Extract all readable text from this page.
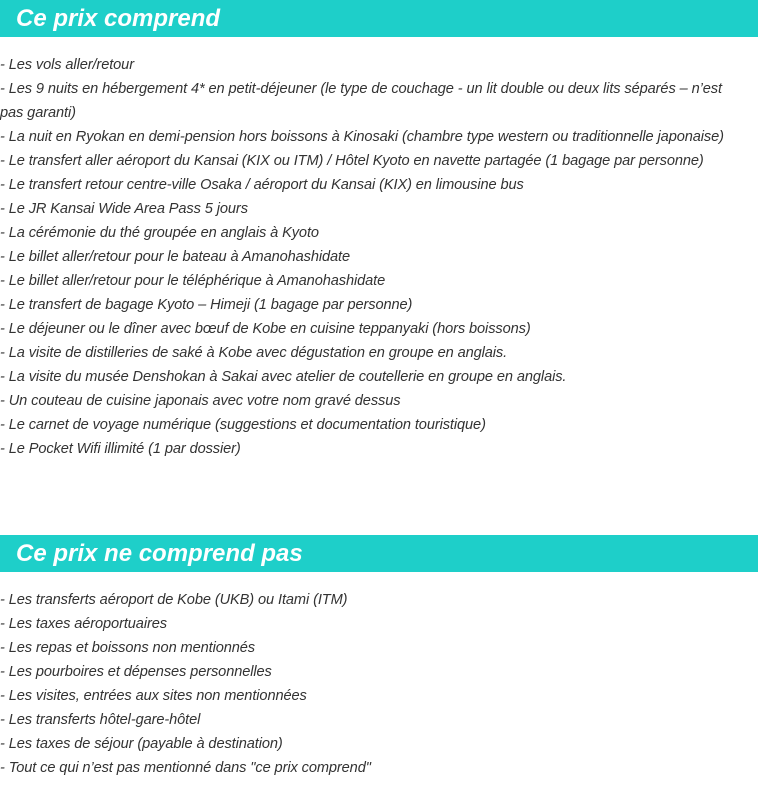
Ce prix comprend
- Les vols aller/retour
- Les 9 nuits en hébergement 4* en petit-déjeuner (le type de couchage - un lit double ou deux lits séparés – n’est pas garanti)
- La nuit en Ryokan en demi-pension hors boissons à Kinosaki (chambre type western ou traditionnelle japonaise)
- Le transfert aller aéroport du Kansai (KIX ou ITM) / Hôtel Kyoto en navette partagée (1 bagage par personne)
- Le transfert retour centre-ville Osaka / aéroport du Kansai (KIX) en limousine bus
- Le JR Kansai Wide Area Pass 5 jours
- La cérémonie du thé groupée en anglais à Kyoto
- Le billet aller/retour pour le bateau à Amanohashidate
- Le billet aller/retour pour le téléphérique à Amanohashidate
- Le transfert de bagage Kyoto – Himeji (1 bagage par personne)
- Le déjeuner ou le dîner avec bœuf de Kobe en cuisine teppanyaki (hors boissons)
- La visite de distilleries de saké à Kobe avec dégustation en groupe en anglais.
- La visite du musée Denshokan à Sakai avec atelier de coutellerie en groupe en anglais.
- Un couteau de cuisine japonais avec votre nom gravé dessus
- Le carnet de voyage numérique (suggestions et documentation touristique)
- Le Pocket Wifi illimité (1 par dossier)
Ce prix ne comprend pas
- Les transferts aéroport de Kobe (UKB) ou Itami (ITM)
- Les taxes aéroportuaires
- Les repas et boissons non mentionnés
- Les pourboires et dépenses personnelles
- Les visites, entrées aux sites non mentionnées
- Les transferts hôtel-gare-hôtel
- Les taxes de séjour (payable à destination)
- Tout ce qui n’est pas mentionné dans "ce prix comprend"
